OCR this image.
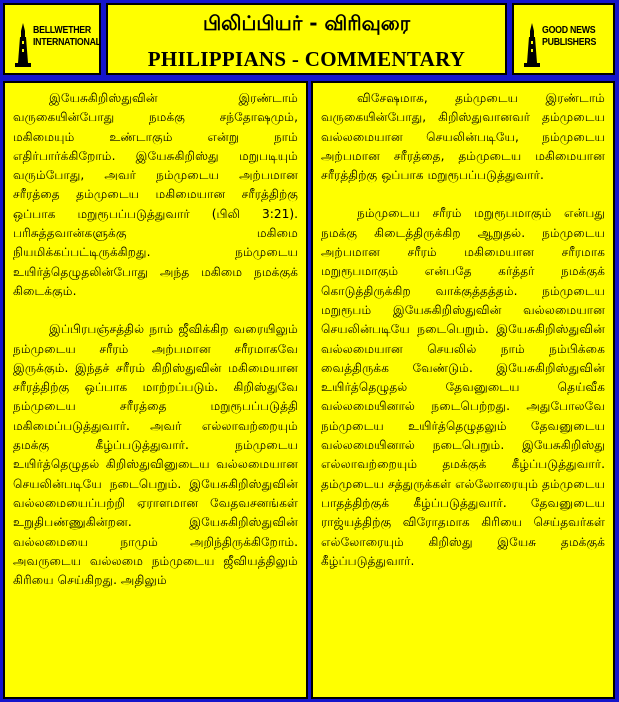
BELLWETHER
INTERNATIONAL
பிலிப்பியர் - விரிவுரை
PHILIPPIANS - COMMENTARY
GOOD NEWS
PUBLISHERS

இயேசுகிறிஸ்துவின் இரண்டாம் வருகையின்போது நமக்கு சந்தோஷமும், மகிமையும் உண்டாகும் என்று நாம் எதிர்பார்க்கிறோம். இயேசுகிறிஸ்து மறுபடியும் வரும்போது, அவர் நம்முடைய அற்பமான சரீரத்தை தம்முடைய மகிமையான சரீரத்திற்கு ஒப்பாக மறுரூபப்படுத்துவார் (பிலி 3:21). பரிசுத்தவான்களுக்கு மகிமை நியமிக்கப்பட்டிருக்கிறது. நம்முடைய உயிர்த்தெழுதலின்போது அந்த மகிமை நமக்குக் கிடைக்கும்.

இப்பிரபஞ்சத்தில் நாம் ஜீவிக்கிற வரையிலும் நம்முடைய சரீரம் அற்பமான சரீரமாகவே இருக்கும். இந்தச் சரீரம் கிறிஸ்துவின் மகிமையான சரீரத்திற்கு ஒப்பாக மாற்றப்படும். கிறிஸ்துவே நம்முடைய சரீரத்தை மறுரூபப்படுத்தி மகிமைப்படுத்துவார். அவர் எல்லாவற்றையும் தமக்கு கீழ்ப்படுத்துவார். நம்முடைய உயிர்த்தெழுதல் கிறிஸ்துவினுடைய வல்லமையான செயலின்படியே நடைபெறும். இயேசுகிறிஸ்துவின் வல்லமையைப்பற்றி ஏராளமான வேதவசனங்கள் உறுதிபண்ணுகின்றன. இயேசுகிறிஸ்துவின் வல்லமையை நாமும் அறிந்திருக்கிறோம். அவருடைய வல்லமை நம்முடைய ஜீவியத்திலும் கிரியை செய்கிறது. அதிலும்

விசேஷமாக, தம்முடைய இரண்டாம் வருகையின்போது, கிறிஸ்துவானவர் தம்முடைய வல்லமையான செயலின்படியே, நம்முடைய அற்பமான சரீரத்தை, தம்முடைய மகிமையான சரீரத்திற்கு ஒப்பாக மறுரூபப்படுத்துவார்.

நம்முடைய சரீரம் மறுரூபமாகும் என்பது நமக்கு கிடைத்திருக்கிற ஆறுதல். நம்முடைய அற்பமான சரீரம் மகிமையான சரீரமாக மறுரூபமாகும் என்பதே கர்த்தர் நமக்குக் கொடுத்திருக்கிற வாக்குத்தத்தம். நம்முடைய மறுரூபம் இயேசுகிறிஸ்துவின் வல்லமையான செயலின்படியே நடைபெறும். இயேசுகிறிஸ்துவின் வல்லமையான செயலில் நாம் நம்பிக்கை வைத்திருக்க வேண்டும். இயேசுகிறிஸ்துவின் உயிர்த்தெழுதல் தேவனுடைய தெய்வீக வல்லமையினால் நடைபெற்றது. அதுபோலவே நம்முடைய உயிர்த்தெழுதலும் தேவனுடைய வல்லமையினால் நடைபெறும். இயேசுகிறிஸ்து எல்லாவற்றையும் தமக்குக் கீழ்ப்படுத்துவார். தம்முடைய சத்துருக்கள் எல்லோரையும் தம்முடைய பாதத்திற்குக் கீழ்ப்படுத்துவார். தேவனுடைய ராஜ்யத்திற்கு விரோதமாக கிரியை செய்தவர்கள் எல்லோரையும் கிறிஸ்து இயேசு தமக்குக் கீழ்ப்படுத்துவார்.
